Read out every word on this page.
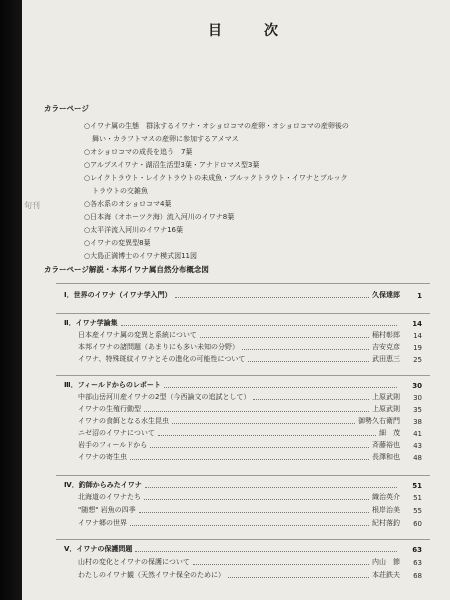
目　次
カラーページ
○イワナ属の生態　群泳するイワナ・オショロコマの産卵・オショロコマの産卵後の
舞い・カラフトマスの産卵に参加するアメマス
○オショロコマの成長を追う　7葉
○アルプスイワナ・湖沼生活型3葉・アナドロマス型3葉
○レイクトラウト・レイクトラウトの未成魚・ブルックトラウト・イワナとブルック
トラウトの交雑魚
○各水系のオショロコマ4葉
○日本海（オホーツク海）流入河川のイワナ8葉
○太平洋流入河川のイワナ16葉
○イワナの変異型8葉
○大島正満博士のイワナ模式図11図
カラーページ解説・本邦イワナ属自然分布概念図
Ⅰ．世界のイワナ（イワナ学入門）	久保達郎	1
Ⅱ．イワナ学論集	14
日本産イワナ属の変異と系統について	稲村彰郎	14
本邦イワナの諸問題（あまりにも多い未知の分野）	吉安克彦	19
イワナ、特殊斑紋イワナとその進化の可能性について	武田恵三	25
Ⅲ．フィールドからのレポート	30
中部山岳河川産イワナの2型（今西論文の追試として）	上原武則	30
イワナの生殖行動型	上原武則	35
イワナの食餌となる水生昆虫	御勢久右衛門	38
ニゼ沼のイワナについて	細　茂	41
岩手のフィールドから	斉藤裕也	43
イワナの寄生虫	長澤和也	48
Ⅳ．釣師からみたイワナ	51
北海道のイワナたち	織治英介	51
"随想" 岩魚の四季	根岸治美	55
イワナ郷の世界	紀村落釣	60
Ⅴ．イワナの保護問題	63
山村の変化とイワナの保護について	内山　節	63
わたしのイワナ観（天然イワナ保全のために）	本荘鉄夫	68
旬刊
